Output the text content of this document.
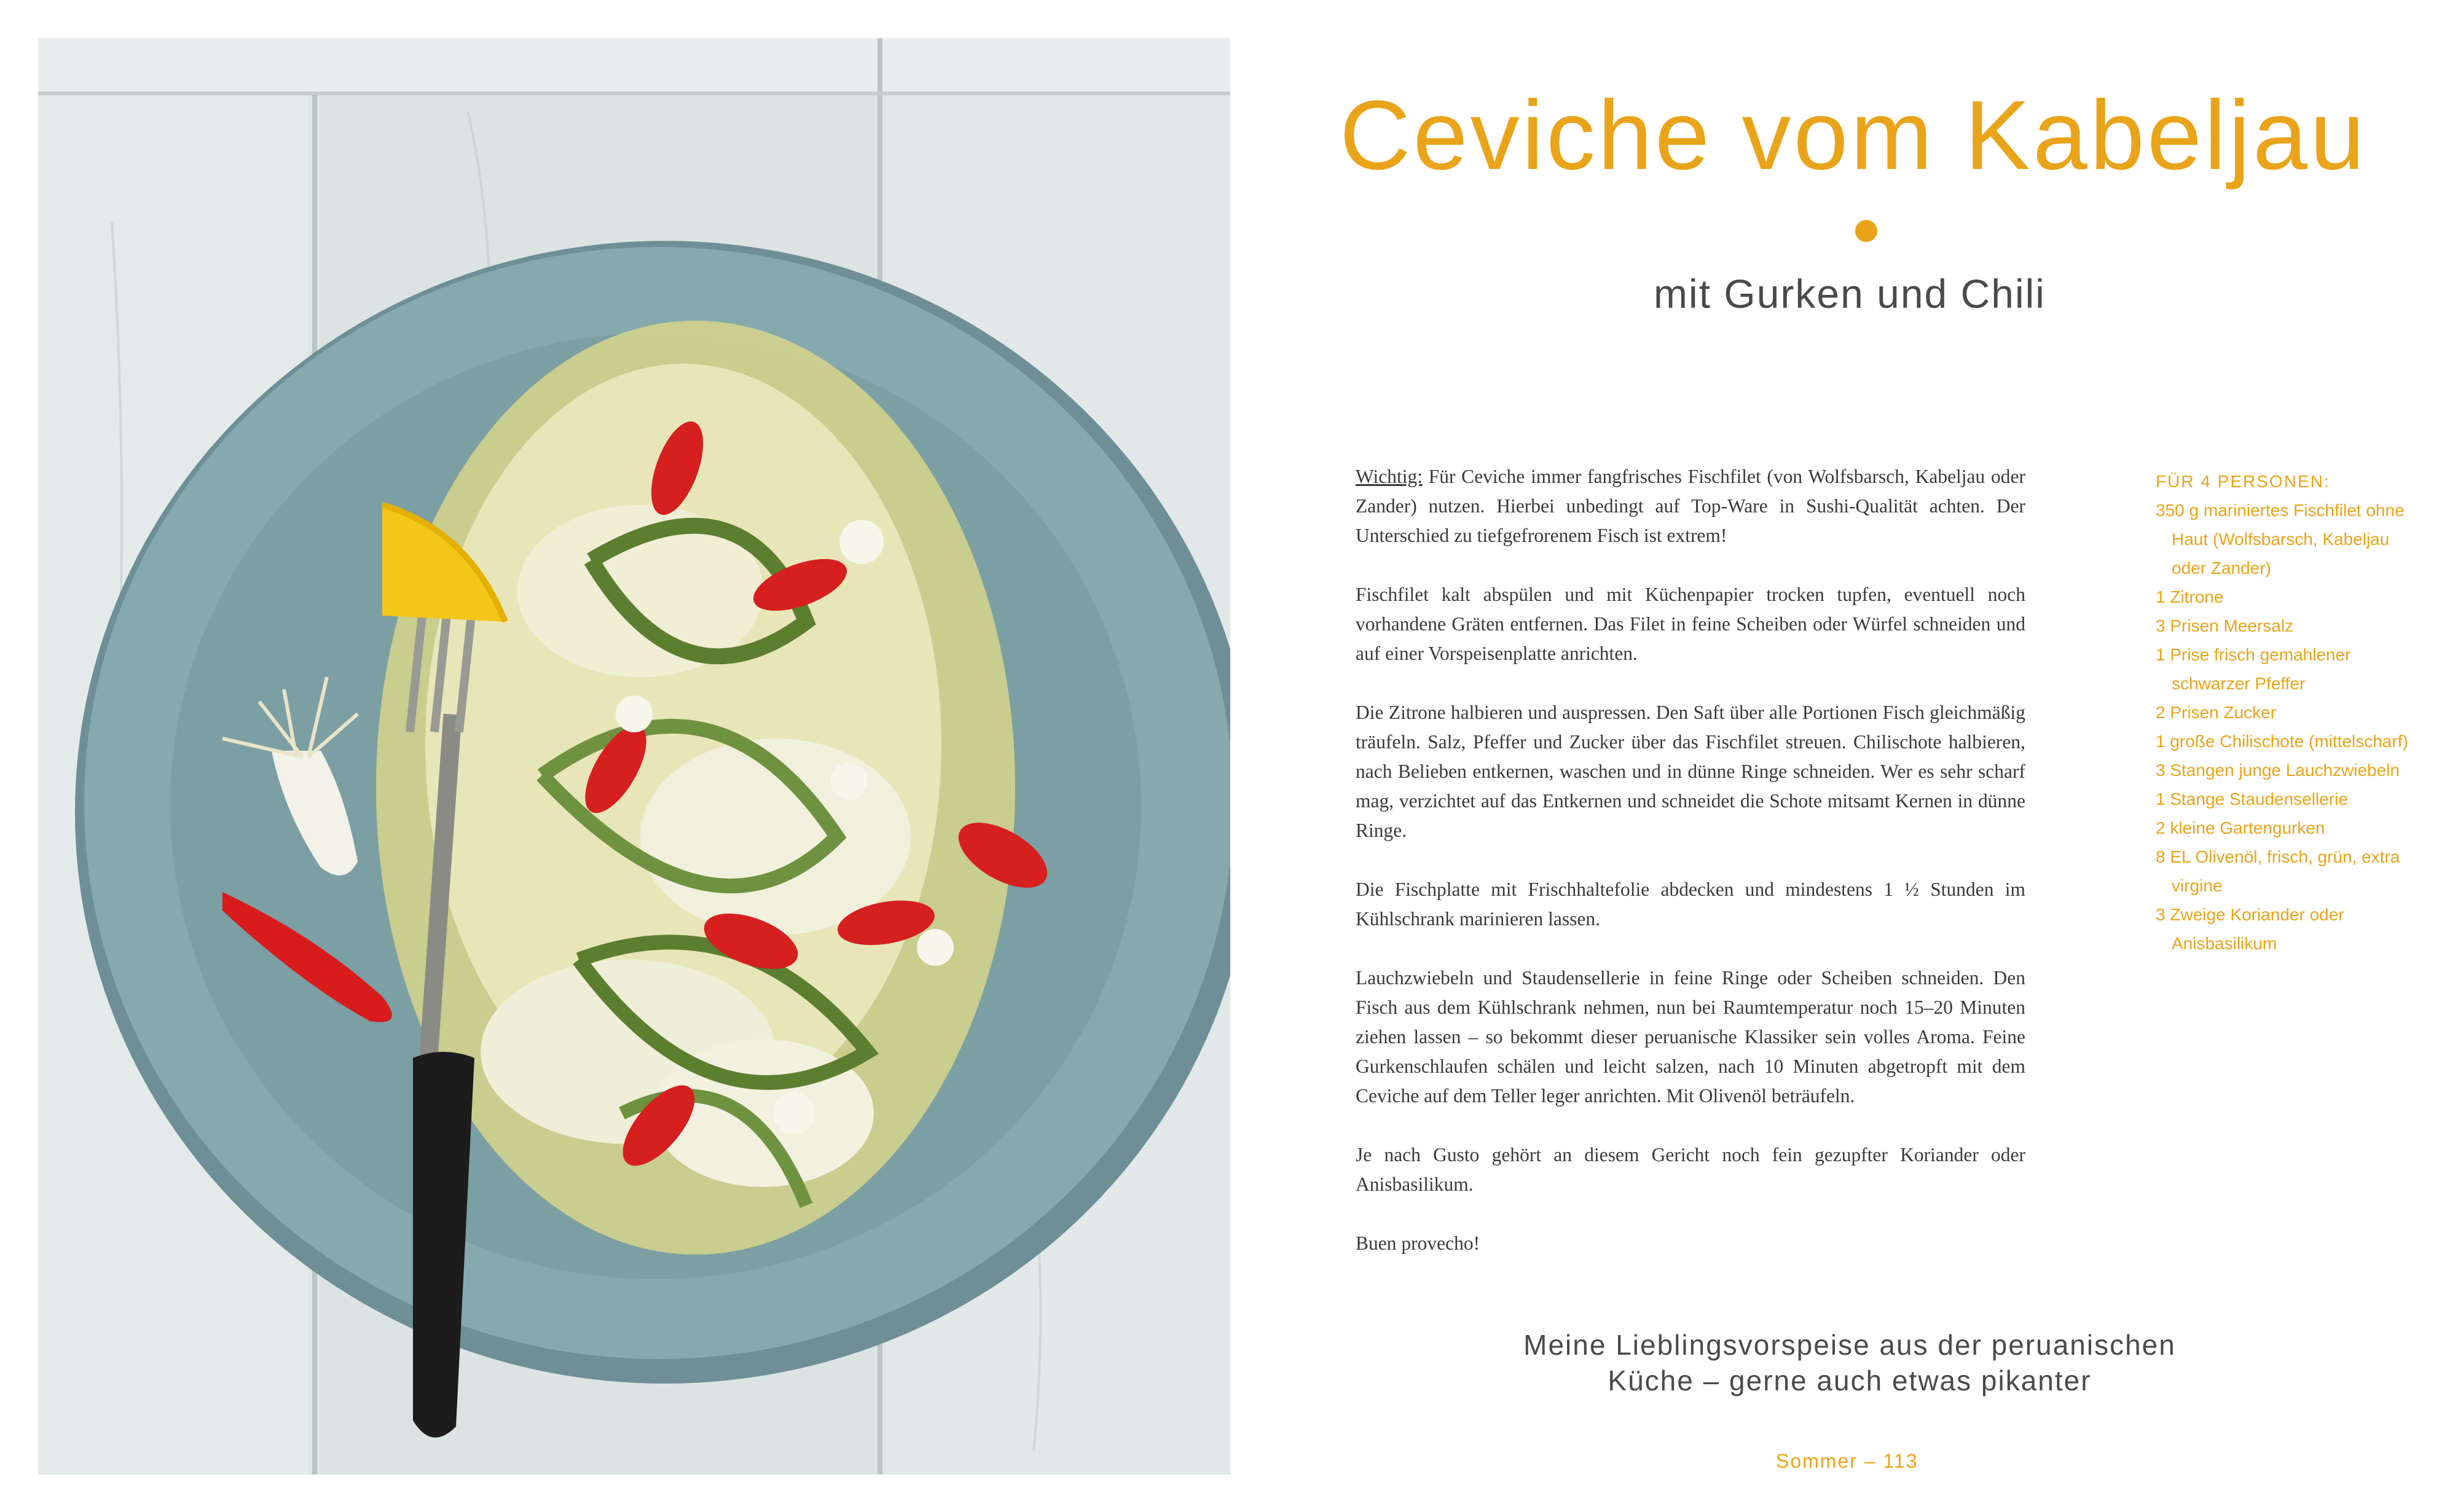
Ceviche vom Kabeljau
mit Gurken und Chili

Wichtig: Für Ceviche immer fangfrisches Fischfilet (von Wolfsbarsch, Kabeljau oder Zander) nutzen. Hierbei unbedingt auf Top-Ware in Sushi-Qualität achten. Der Unterschied zu tiefgefrorenem Fisch ist extrem!

Fischfilet kalt abspülen und mit Küchenpapier trocken tupfen, eventuell noch vorhandene Gräten entfernen. Das Filet in feine Scheiben oder Würfel schneiden und auf einer Vorspeisenplatte anrichten.

Die Zitrone halbieren und auspressen. Den Saft über alle Portionen Fisch gleichmäßig träufeln. Salz, Pfeffer und Zucker über das Fischfilet streuen. Chilischote halbieren, nach Belieben entkernen, waschen und in dünne Ringe schneiden. Wer es sehr scharf mag, verzichtet auf das Entkernen und schneidet die Schote mitsamt Kernen in dünne Ringe.

Die Fischplatte mit Frischhaltefolie abdecken und mindestens 1 ½ Stunden im Kühlschrank marinieren lassen.

Lauchzwiebeln und Staudensellerie in feine Ringe oder Scheiben schneiden. Den Fisch aus dem Kühlschrank nehmen, nun bei Raumtemperatur noch 15–20 Minuten ziehen lassen – so bekommt dieser peruanische Klassiker sein volles Aroma. Feine Gurkenschlaufen schälen und leicht salzen, nach 10 Minuten abgetropft mit dem Ceviche auf dem Teller leger anrichten. Mit Olivenöl beträufeln.

Je nach Gusto gehört an diesem Gericht noch fein gezupfter Koriander oder Anisbasilikum.

Buen provecho!

FÜR 4 PERSONEN:
350 g mariniertes Fischfilet ohne Haut (Wolfsbarsch, Kabeljau oder Zander)
1 Zitrone
3 Prisen Meersalz
1 Prise frisch gemahlener schwarzer Pfeffer
2 Prisen Zucker
1 große Chilischote (mittelscharf)
3 Stangen junge Lauchzwiebeln
1 Stange Staudensellerie
2 kleine Gartengurken
8 EL Olivenöl, frisch, grün, extra virgine
3 Zweige Koriander oder Anisbasilikum
Meine Lieblingsvorspeise aus der peruanischen
Küche – gerne auch etwas pikanter
Sommer – 113
